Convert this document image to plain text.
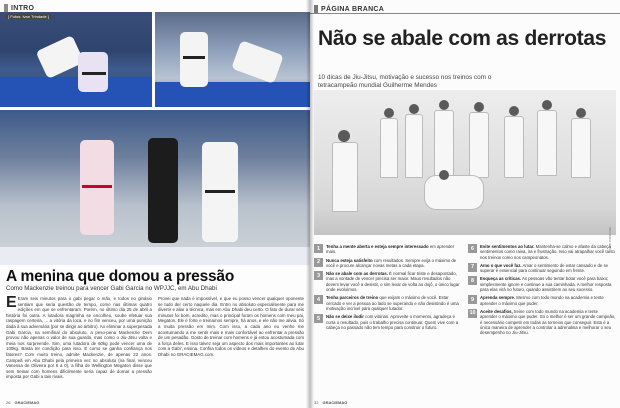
INTRO
[ Fotos: Ivan Trindade ]
A menina que domou a pressão
Como Mackenzie treinou para vencer Gabi Garcia no WPJJC, em Abu Dhabi
E Eram seis minutos para o gabi pegar o mão, e todos no ginásio sentiam que seria questão de tempo, como nas últimas quatro edições em que se enfrentaram. Porém, no último dia 25 de abril a história foi outra. A lutadora magrinha se encolheu, soube efetuar sua raspagem certeira, ... a vitória da loca, e no fim venceu, por uma punição dada à sua adversária (por se dirigir ao árbitro). Ao eliminar a superpesada Gabi Garcia, na semifinal do absoluto, a peso-pena Mackenzie Dern provou não apenas o valor de sua guarda, mas como o Jiu-Jitsu volta e meia nos surpreende. Sim, uma lutadora de 60kg pode vencer uma de 100kg. Basta ter condição para isso. E como se ganha confiança nos fatores? Com muito treino, admite Mackenzie, de apenas 22 anos. Campeã em Abu Dhabi pela primeira vez no absoluto (na final, venceu Vanessa de Oliveira por 6 a 0), a filha de Wellington Megaton disse que sem treinar com homens dificilmente seria capaz de domar a pressão imposta por Gabi a tais rivais.
Provei que nada é impossível, e que eu posso vencer qualquer oponente se tudo der certo naquele dia. Entro no absoluto especialmente para me divertir e aliar a técnica, mas em Abu Dhabi deu certo. O fato de durar seis minutos foi bom, acredito, mas o principal foram os homens com meu pai, Megaton. Ele é forte e treinamos sempre, há anos, e ele não me alivia. Só a muita pressão em mim. Com isso, a cada ano eu venho me acostumando a me sentir mais e mais confortável ao enfrentar a pressão de um pesadão. Gosto de treinar com homens e já estou acostumada com a força deles. E isso talvez seja um aspecto dos mais importantes ao lutar com a Gabi', ensina. Confira todos os vídeos e detalhes do evento de Abu Dhabi no GRACIEMAG.com.
26 GRACIEMAG
PÁGINA BRANCA
Não se abale com as derrotas
10 dicas de Jiu-Jitsu, motivação e sucesso nos treinos com o tetracampeão mundial Guilherme Mendes
IVAN TRINDADE
1	Tenha a mente aberta e esteja sempre interessado em aprender mais.
2	Nunca esteja satisfeito com resultados. Sempre exija o máximo de você e procure alcançar novas metas a cada etapa.
3	Não se abale com as derrotas. É normal ficar triste e desapontado, mas a vontade de vencer precisa ser maior. Maus resultados não devem levar você a desistir, e sim levar de volta ao dojô, o único lugar onde evoluímos.
4	Tenha parceiros de treino que exijam o máximo de você. Estar cercado e ver a pessoa ao lado se superando e não desistindo é uma motivação incrível para qualquer lutador.
5	Não se deixe iludir com vitórias. Aproveite o momento, agradeça e curta o resultado, pois o trabalho precisa continuar. Quem vive com a cabeça no passado não tem tempo para construir o futuro.
6	Evite sentimentos ao lutar. Mantenha-se calmo e afaste da cabeça sentimentos como raiva, ira e frustração. Isso vai atrapalhar você tanto nos treinos como nos campeonatos.
7	Amo o que você faz. Amar o sentimento de estar cansado e de se superar é essencial para continuar seguindo em frente.
8	Esqueça as críticas. As pessoas vão tentar botar você para baixo; simplesmente ignore e continue a sua caminhada. A melhor resposta para elas virá no futuro, quando assistirem ao seu sucesso.
9	Aprenda sempre. Mesmo com todo mundo na academia e tente aprender o máximo que puder.
10	Aceite desafios, treine com todo mundo na academia e tente aprender o máximo que puder. Só o melhor é ser um grande campeão, é necessário competir em todas as torneios que conseguir. Esta é a única maneira de aprender a controlar a adrenalina e melhorar o seu desempenho no Jiu-Jitsu.
32 GRACIEMAG
